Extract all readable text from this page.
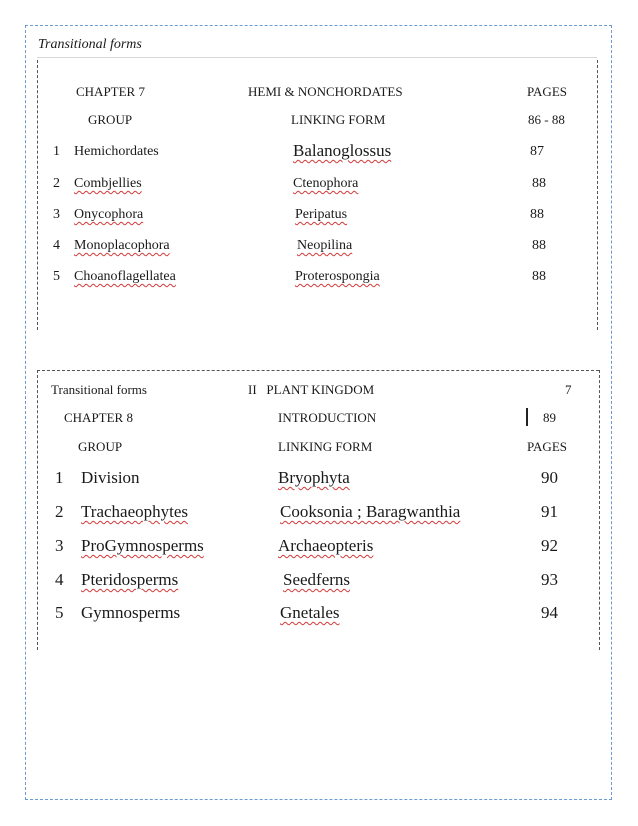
Transitional forms
CHAPTER 7	HEMI & NONCHORDATES	PAGES
GROUP	LINKING FORM	86 - 88
1 Hemichordates	Balanoglossus	87
2 Combjellies	Ctenophora	88
3 Onycophora	Peripatus	88
4 Monoplacophora	Neopilina	88
5 Choanoflagellatea	Proterospongia	88
Transitional forms	II   PLANT KINGDOM	7
CHAPTER 8	INTRODUCTION	89
GROUP	LINKING FORM	PAGES
1 Division	Bryophyta	90
2 Trachaeophytes	Cooksonia ; Baragwanthia	91
3 ProGymnosperms	Archaeopteris	92
4 Pteridosperms	Seedferns	93
5 Gymnosperms	Gnetales	94
